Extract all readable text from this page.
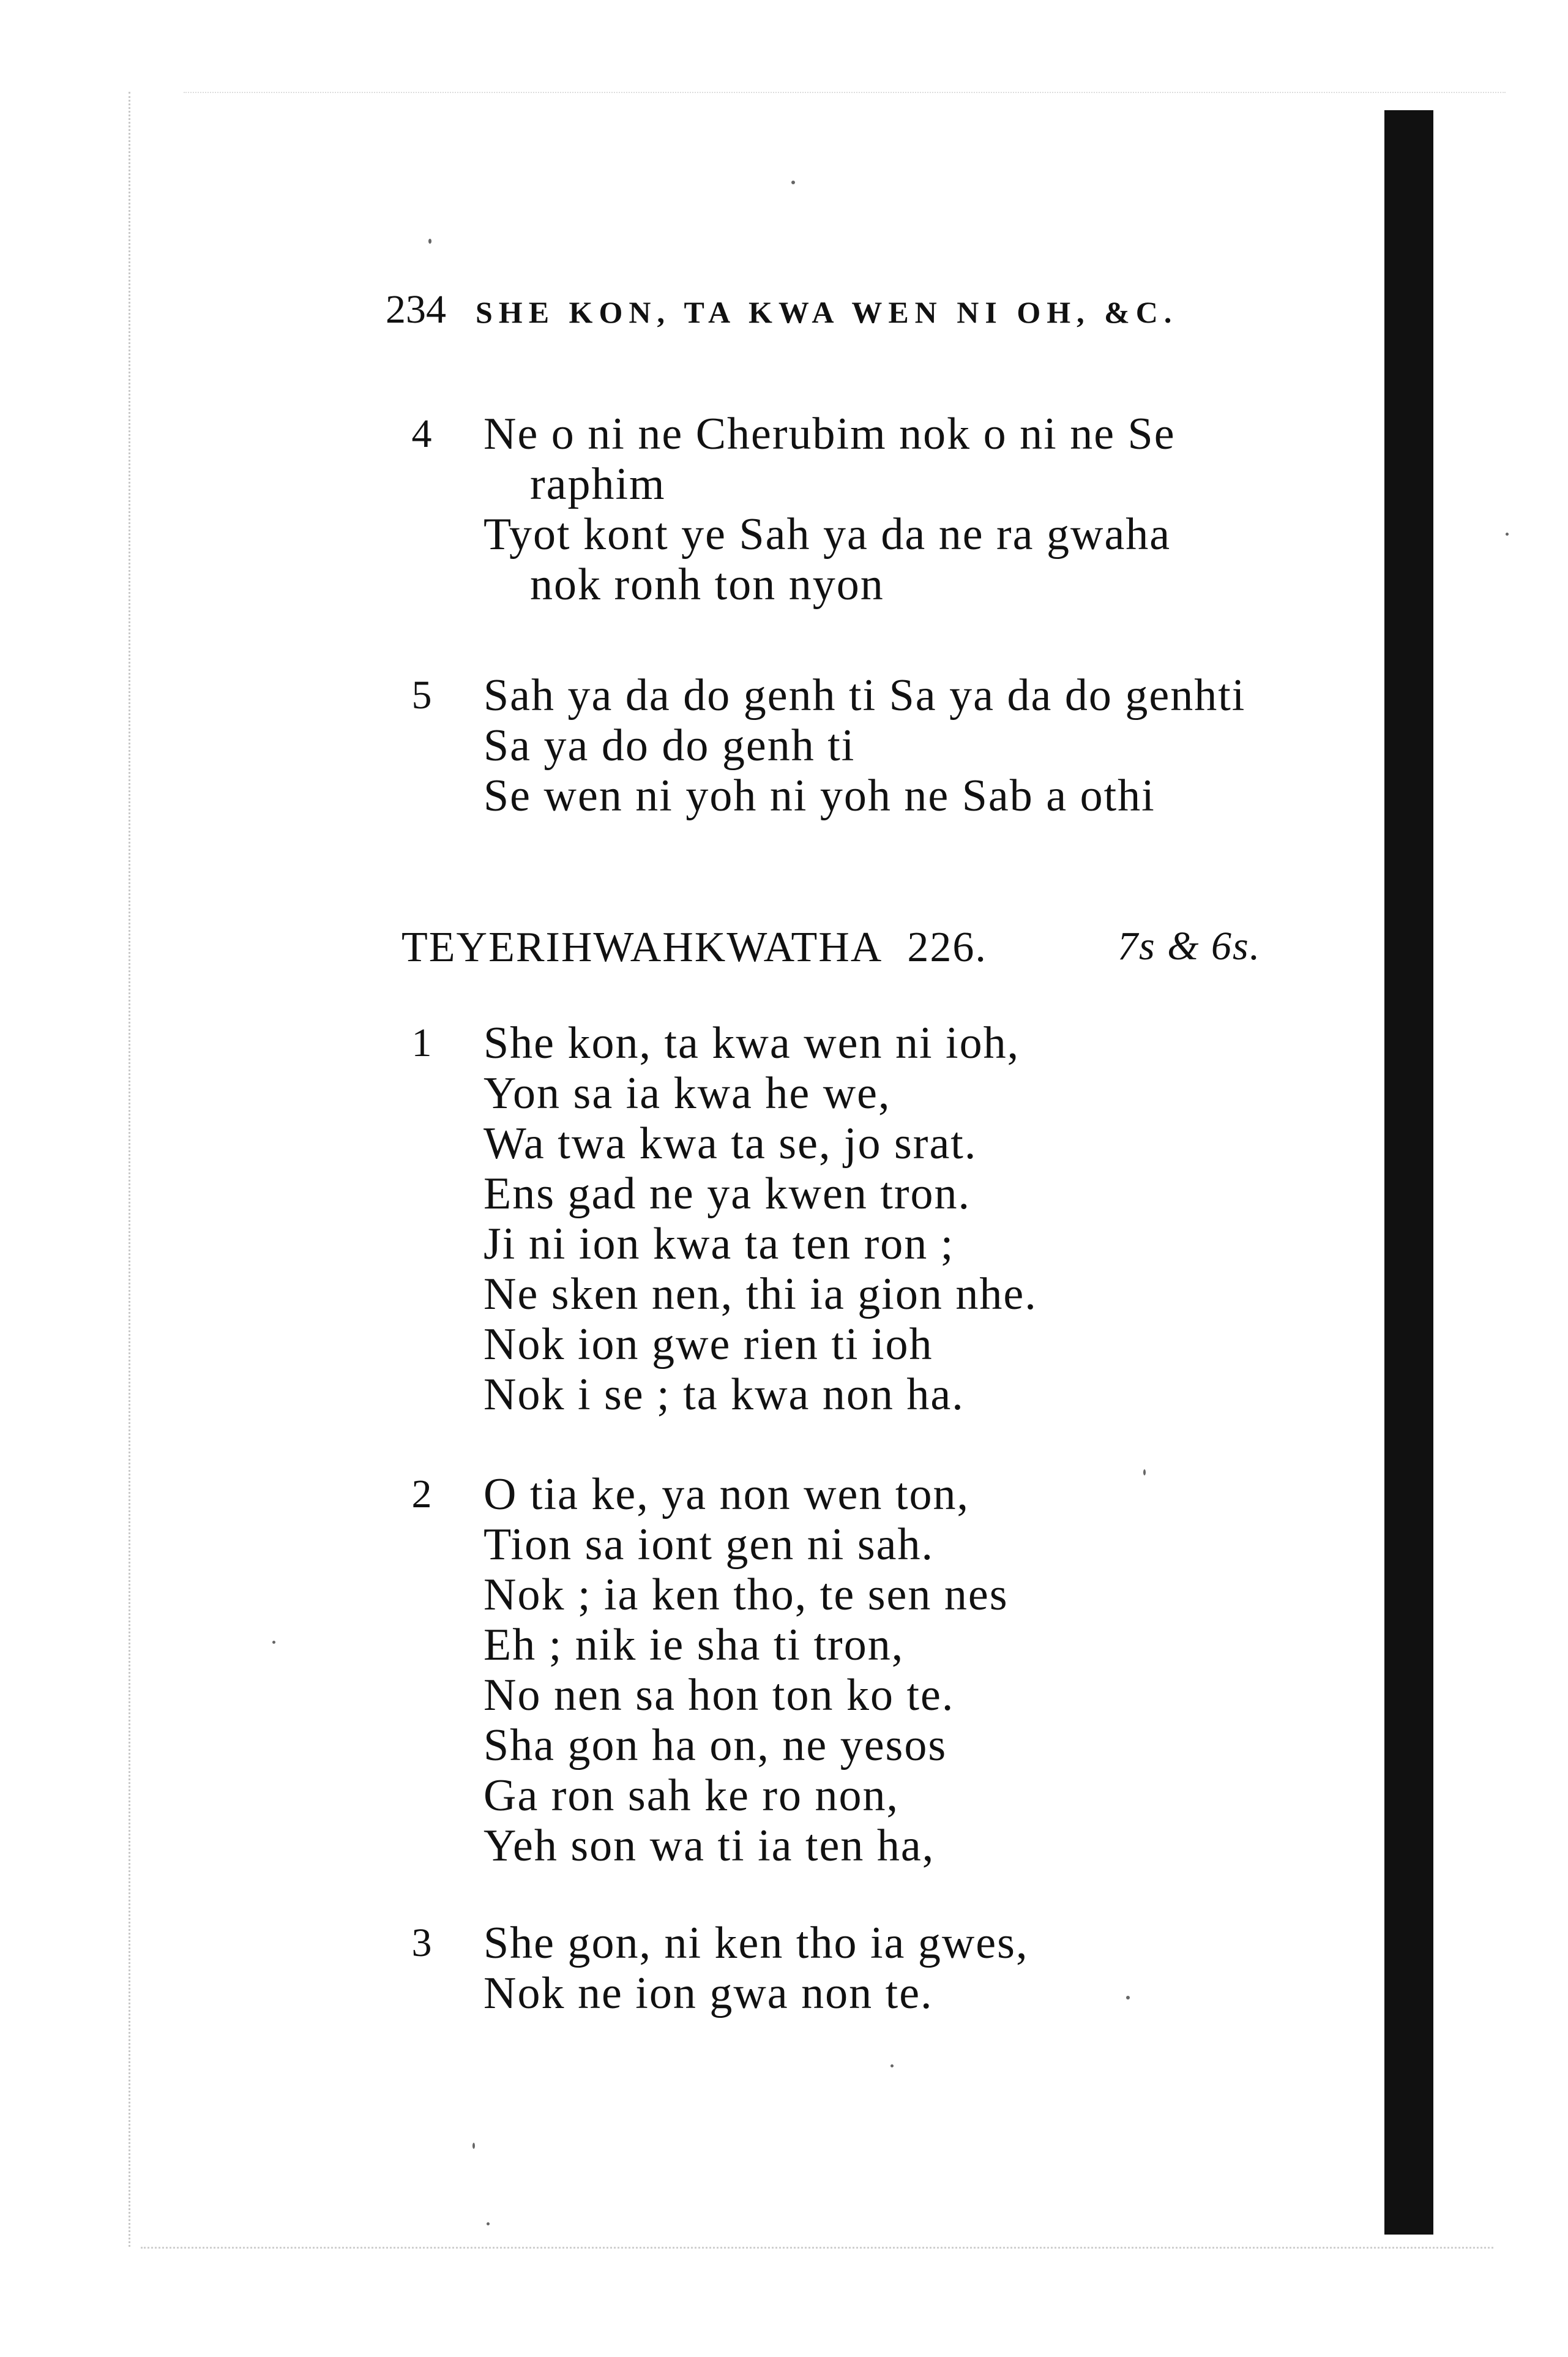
234 SHE KON, TA KWA WEN NI OH, &C.
4 Ne o ni ne Cherubim nok o ni ne Se
raphim
Tyot kont ye Sah ya da ne ra gwaha
nok ronh ton nyon
5 Sah ya da do genh ti Sa ya da do genhti
Sa ya do do genh ti
Se wen ni yoh ni yoh ne Sab a othi
TEYERIHWAHKWATHA 226.	7s & 6s.
1 She kon, ta kwa wen ni ioh,
Yon sa ia kwa he we,
Wa twa kwa ta se, jo srat.
Ens gad ne ya kwen tron.
Ji ni ion kwa ta ten ron ;
Ne sken nen, thi ia gion nhe.
Nok ion gwe rien ti ioh
Nok i se ; ta kwa non ha.
2 O tia ke, ya non wen ton,
Tion sa iont gen ni sah.
Nok ; ia ken tho, te sen nes
Eh ; nik ie sha ti tron,
No nen sa hon ton ko te.
Sha gon ha on, ne yesos
Ga ron sah ke ro non,
Yeh son wa ti ia ten ha,
3 She gon, ni ken tho ia gwes,
Nok ne ion gwa non te.
